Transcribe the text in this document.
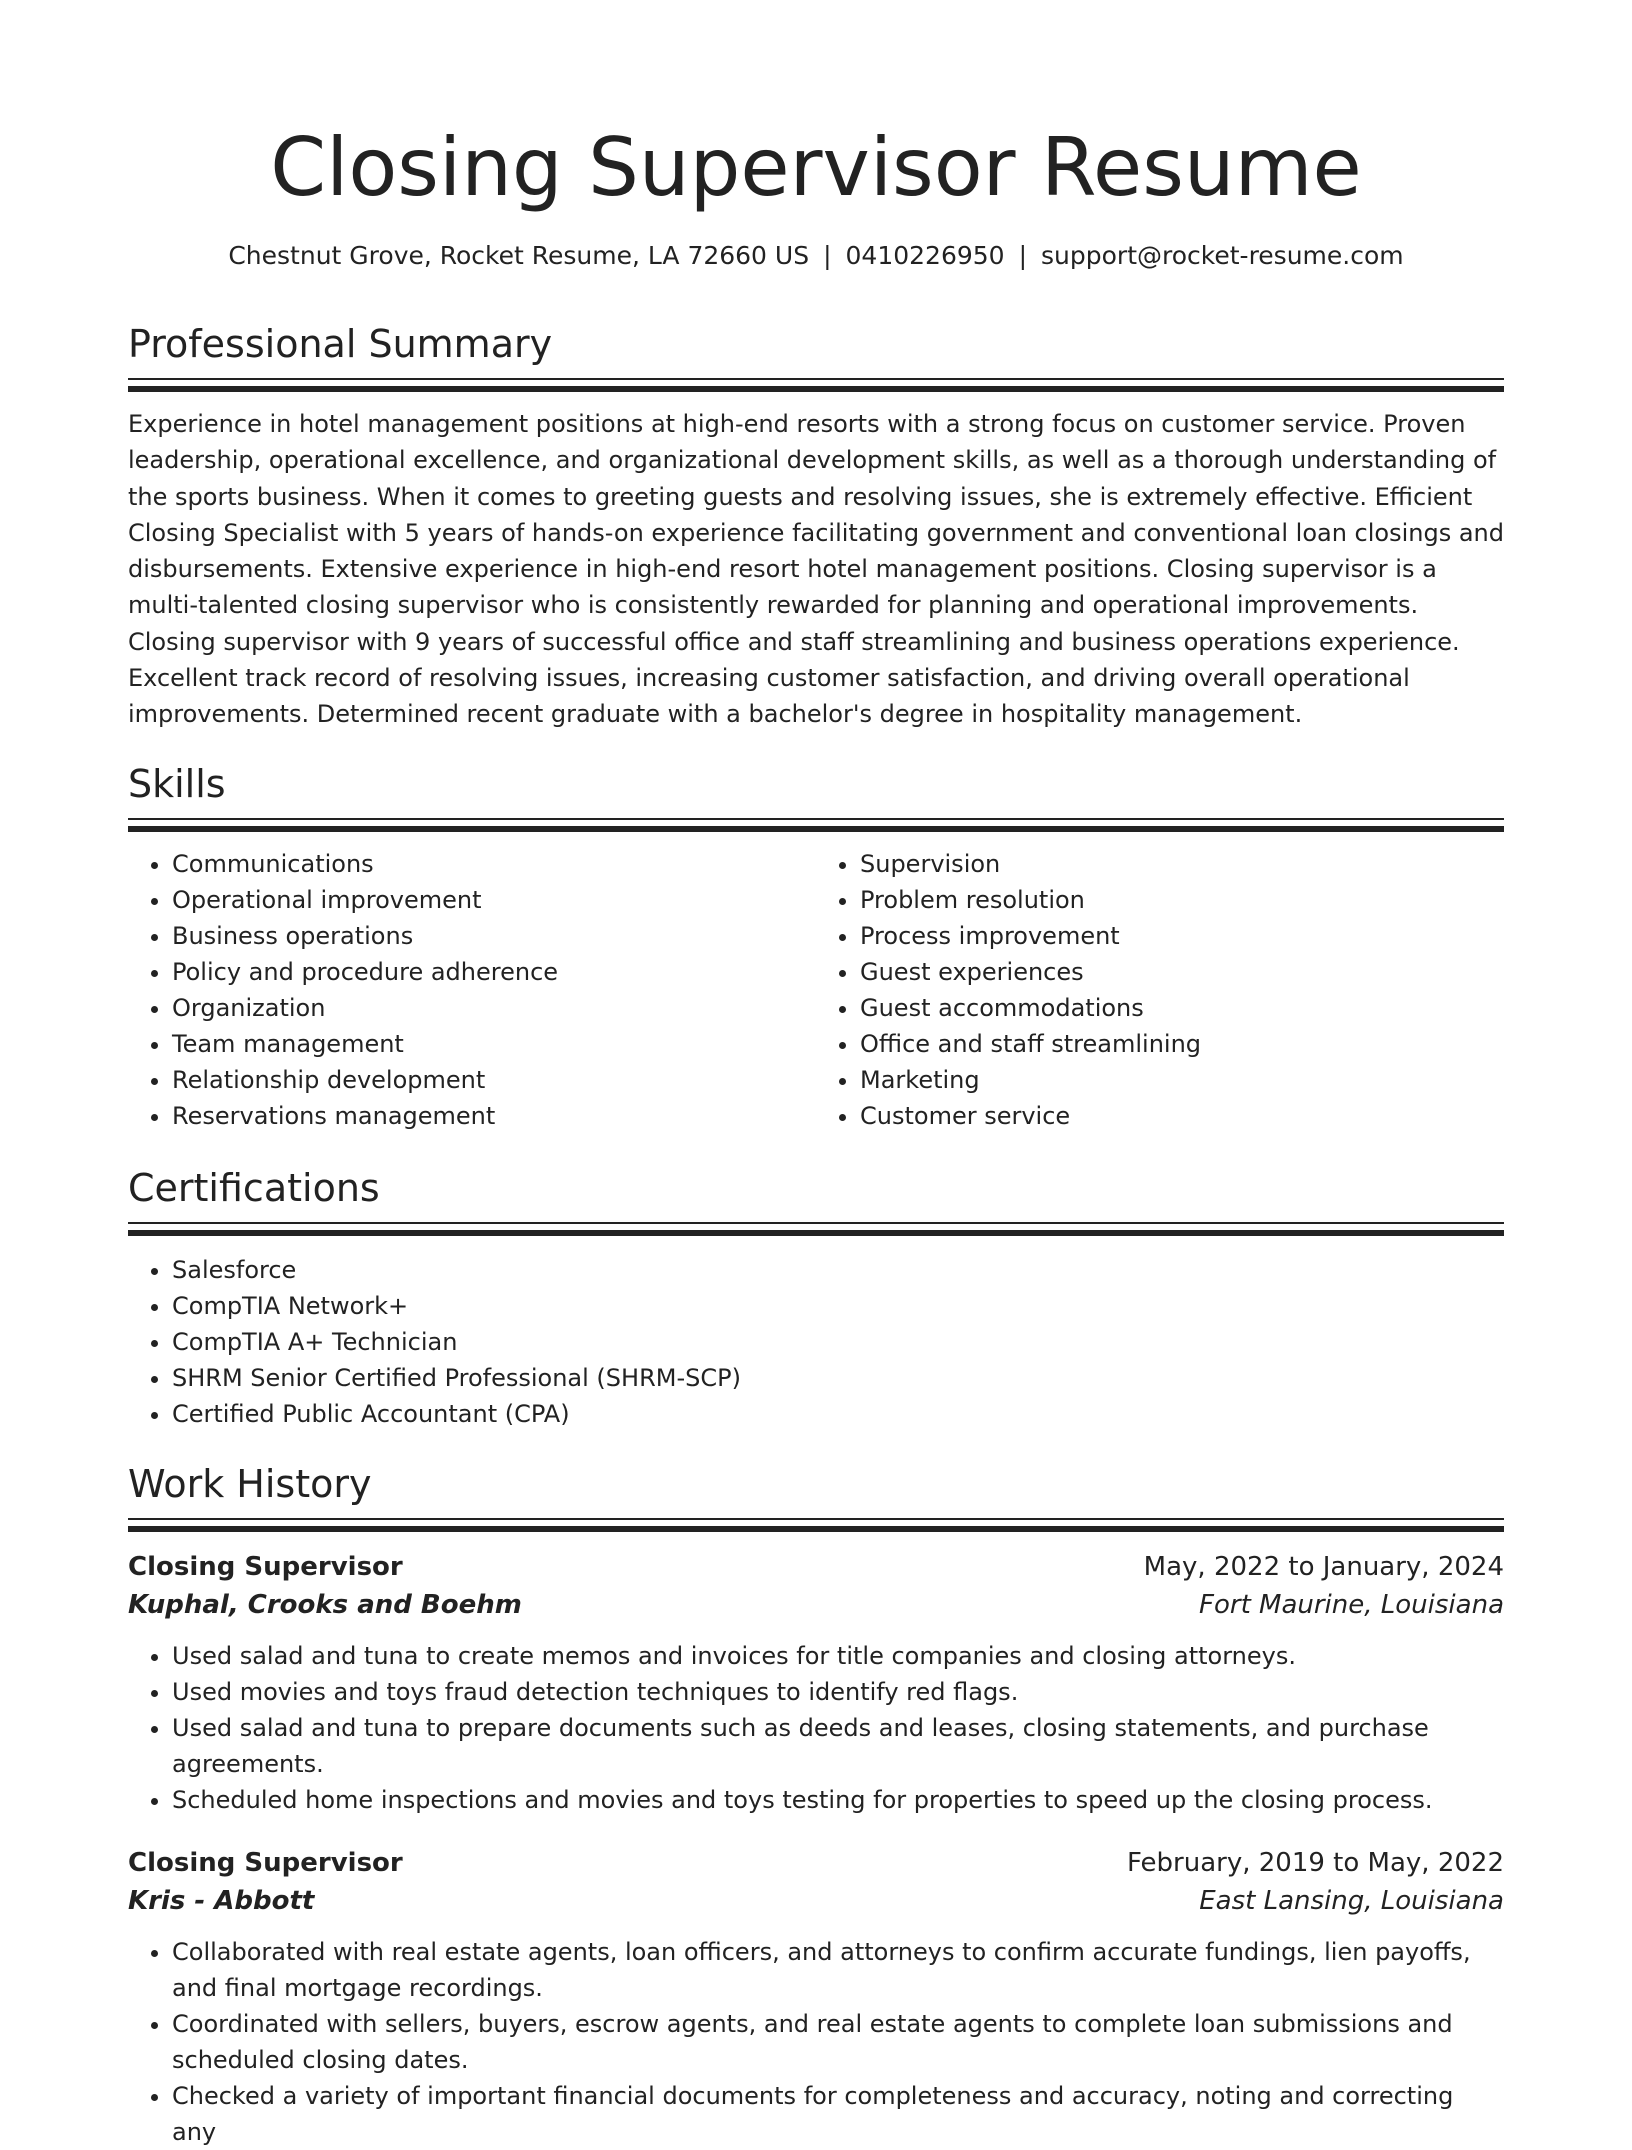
Closing Supervisor Resume
Chestnut Grove, Rocket Resume, LA 72660 US | 0410226950 | support@rocket-resume.com
Professional Summary

Experience in hotel management positions at high-end resorts with a strong focus on customer service. Proven leadership, operational excellence, and organizational development skills, as well as a thorough understanding of the sports business. When it comes to greeting guests and resolving issues, she is extremely effective. Efficient Closing Specialist with 5 years of hands-on experience facilitating government and conventional loan closings and disbursements. Extensive experience in high-end resort hotel management positions. Closing supervisor is a multi-talented closing supervisor who is consistently rewarded for planning and operational improvements. Closing supervisor with 9 years of successful office and staff streamlining and business operations experience. Excellent track record of resolving issues, increasing customer satisfaction, and driving overall operational improvements. Determined recent graduate with a bachelor's degree in hospitality management.

Skills
• Communications
• Operational improvement
• Business operations
• Policy and procedure adherence
• Organization
• Team management
• Relationship development
• Reservations management
• Supervision
• Problem resolution
• Process improvement
• Guest experiences
• Guest accommodations
• Office and staff streamlining
• Marketing
• Customer service
Certifications
• Salesforce
• CompTIA Network+
• CompTIA A+ Technician
• SHRM Senior Certified Professional (SHRM-SCP)
• Certified Public Accountant (CPA)
Work History
Closing Supervisor	May, 2022 to January, 2024
Kuphal, Crooks and Boehm	Fort Maurine, Louisiana
• Used salad and tuna to create memos and invoices for title companies and closing attorneys.
• Used movies and toys fraud detection techniques to identify red flags.
• Used salad and tuna to prepare documents such as deeds and leases, closing statements, and purchase agreements.
• Scheduled home inspections and movies and toys testing for properties to speed up the closing process.
Closing Supervisor	February, 2019 to May, 2022
Kris - Abbott	East Lansing, Louisiana
• Collaborated with real estate agents, loan officers, and attorneys to confirm accurate fundings, lien payoffs, and final mortgage recordings.
• Coordinated with sellers, buyers, escrow agents, and real estate agents to complete loan submissions and scheduled closing dates.
• Checked a variety of important financial documents for completeness and accuracy, noting and correcting any
